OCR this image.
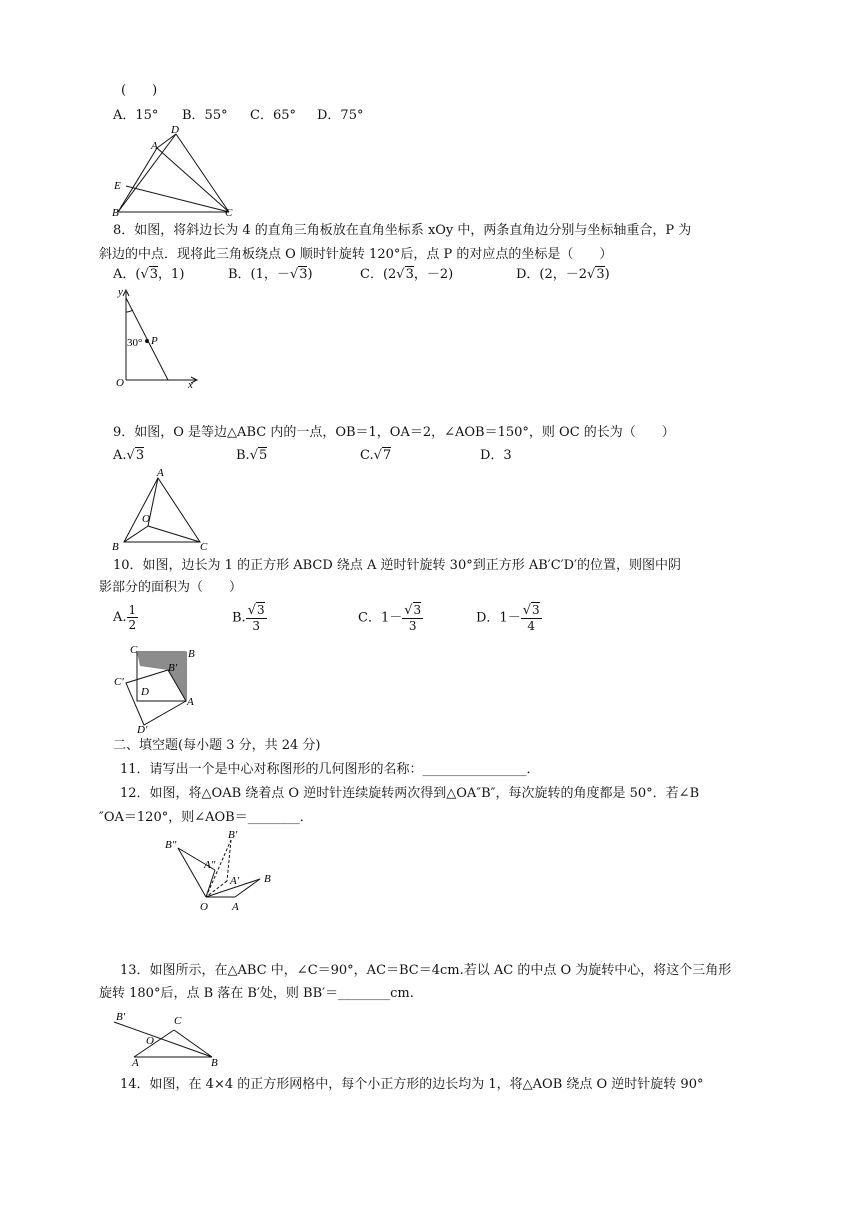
(　　)
A．15° B．55° C．65° D．75°
D
A
E
B	C
8．如图，将斜边长为 4 的直角三角板放在直角坐标系 xOy 中，两条直角边分别与坐标轴重合，P 为
斜边的中点．现将此三角板绕点 O 顺时针旋转 120°后，点 P 的对应点的坐标是（　　）
A．(√3，1)	B．(1，－√3)	C．(2√3，－2)	D．(2，－2√3)
y
30° P
O	x
9．如图，O 是等边△ABC 内的一点，OB＝1，OA＝2，∠AOB＝150°，则 OC 的长为（　　）
A.√3	B.√5	C.√7	D．3
A
O
B	C
10．如图，边长为 1 的正方形 ABCD 绕点 A 逆时针旋转 30°到正方形 AB′C′D′的位置，则图中阴
影部分的面积为（　　）
A. $\frac{1}{2}$	B. $\frac{√3}{3}$	C．$1- \frac{√3}{3}$	D．$1- \frac{√3}{4}$
C	B
B′
C′
D
A
D′
二、填空题(每小题 3 分，共 24 分)
11．请写出一个是中心对称图形的几何图形的名称：________________．
12．如图，将△OAB 绕着点 O 逆时针连续旋转两次得到△OA″B″，每次旋转的角度都是 50°．若∠B
″OA＝120°，则∠AOB＝________．
B″
B′
A″
A′ B
O A
13．如图所示，在△ABC 中，∠C＝90°，AC＝BC＝4cm.若以 AC 的中点 O 为旋转中心，将这个三角形
旋转 180°后，点 B 落在 B′处，则 BB′＝________cm.
B′	C
O
A	B
14．如图，在 4×4 的正方形网格中，每个小正方形的边长均为 1，将△AOB 绕点 O 逆时针旋转 90°
